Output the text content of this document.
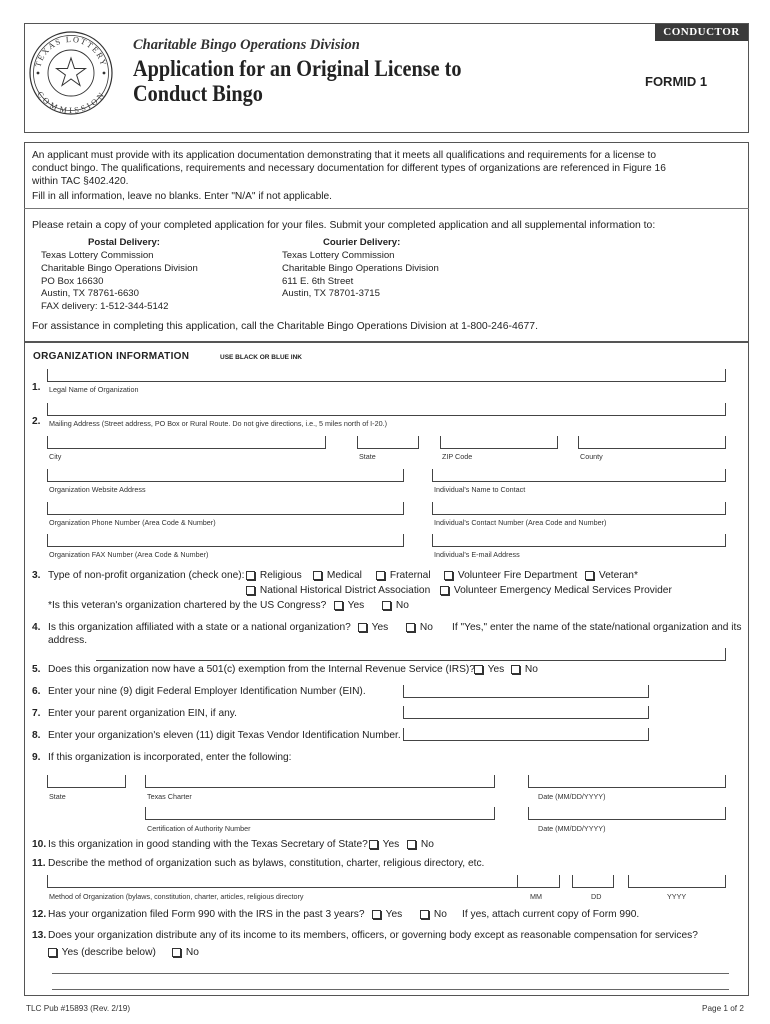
CONDUCTOR
TEXAS LOTTERY
COMMISSION
Charitable Bingo Operations Division
Application for an Original License to
Conduct Bingo	FORMID 1
An applicant must provide with its application documentation demonstrating that it meets all qualifications and requirements for a license to
conduct bingo. The qualifications, requirements and necessary documentation for different types of organizations are referenced in Figure 16
within TAC §402.420.
Fill in all information, leave no blanks. Enter "N/A" if not applicable.
Please retain a copy of your completed application for your files. Submit your completed application and all supplemental information to:
Postal Delivery:
Texas Lottery Commission
Charitable Bingo Operations Division
PO Box 16630
Austin, TX 78761-6630
FAX delivery: 1-512-344-5142
Courier Delivery:
Texas Lottery Commission
Charitable Bingo Operations Division
611 E. 6th Street
Austin, TX 78701-3715
For assistance in completing this application, call the Charitable Bingo Operations Division at 1-800-246-4677.
ORGANIZATION INFORMATION	USE BLACK OR BLUE INK
1. Legal Name of Organization
2. Mailing Address (Street address, PO Box or Rural Route. Do not give directions, i.e., 5 miles north of I-20.)
City	State	ZIP Code	County
Organization Website Address	Individual's Name to Contact
Organization Phone Number (Area Code & Number)	Individual's Contact Number (Area Code and Number)
Organization FAX Number (Area Code & Number)	Individual's E-mail Address
3. Type of non-profit organization (check one):	Religious	Medical	Fraternal	Volunteer Fire Department	Veteran*
National Historical District Association	Volunteer Emergency Medical Services Provider
*Is this veteran's organization chartered by the US Congress?	Yes	No
4. Is this organization affiliated with a state or a national organization?	Yes	No If "Yes," enter the name of the state/national organization and its
address.
5. Does this organization now have a 501(c) exemption from the Internal Revenue Service (IRS)?	Yes	No
6. Enter your nine (9) digit Federal Employer Identification Number (EIN).
7. Enter your parent organization EIN, if any.
8. Enter your organization's eleven (11) digit Texas Vendor Identification Number.
9. If this organization is incorporated, enter the following:
State	Texas Charter	Date (MM/DD/YYYY)
Certification of Authority Number	Date (MM/DD/YYYY)
10. Is this organization in good standing with the Texas Secretary of State?	Yes	No
11. Describe the method of organization such as bylaws, constitution, charter, religious directory, etc.
Method of Organization (bylaws, constitution, charter, articles, religious directory	MM	DD	YYYY
12. Has your organization filed Form 990 with the IRS in the past 3 years?	Yes	No If yes, attach current copy of Form 990.
13. Does your organization distribute any of its income to its members, officers, or governing body except as reasonable compensation for services?
Yes (describe below)	No
TLC Pub #15893 (Rev. 2/19)	Page 1 of 2
